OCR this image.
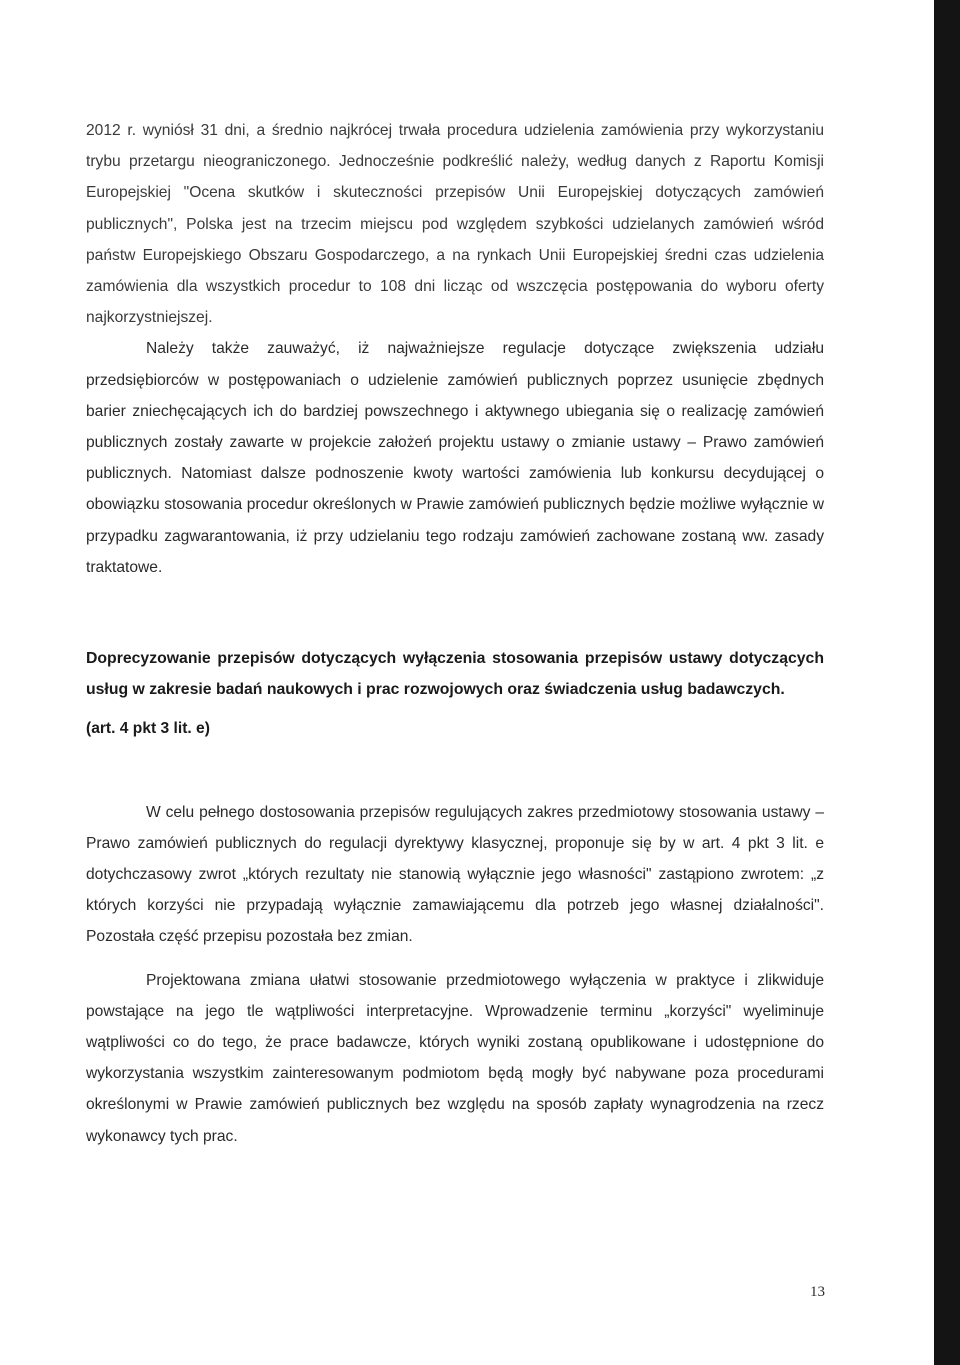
2012 r. wyniósł 31 dni, a średnio najkrócej trwała procedura udzielenia zamówienia przy wykorzystaniu trybu przetargu nieograniczonego. Jednocześnie podkreślić należy, według danych z Raportu Komisji Europejskiej "Ocena skutków i skuteczności przepisów Unii Europejskiej dotyczących zamówień publicznych", Polska jest na trzecim miejscu pod względem szybkości udzielanych zamówień wśród państw Europejskiego Obszaru Gospodarczego, a na rynkach Unii Europejskiej średni czas udzielenia zamówienia dla wszystkich procedur to 108 dni licząc od wszczęcia postępowania do wyboru oferty najkorzystniejszej.

Należy także zauważyć, iż najważniejsze regulacje dotyczące zwiększenia udziału przedsiębiorców w postępowaniach o udzielenie zamówień publicznych poprzez usunięcie zbędnych barier zniechęcających ich do bardziej powszechnego i aktywnego ubiegania się o realizację zamówień publicznych zostały zawarte w projekcie założeń projektu ustawy o zmianie ustawy – Prawo zamówień publicznych. Natomiast dalsze podnoszenie kwoty wartości zamówienia lub konkursu decydującej o obowiązku stosowania procedur określonych w Prawie zamówień publicznych będzie możliwe wyłącznie w przypadku zagwarantowania, iż przy udzielaniu tego rodzaju zamówień zachowane zostaną ww. zasady traktatowe.

Doprecyzowanie przepisów dotyczących wyłączenia stosowania przepisów ustawy dotyczących usług w zakresie badań naukowych i prac rozwojowych oraz świadczenia usług badawczych.

(art. 4 pkt 3 lit. e)

W celu pełnego dostosowania przepisów regulujących zakres przedmiotowy stosowania ustawy – Prawo zamówień publicznych do regulacji dyrektywy klasycznej, proponuje się by w art. 4 pkt 3 lit. e dotychczasowy zwrot „których rezultaty nie stanowią wyłącznie jego własności" zastąpiono zwrotem: „z których korzyści nie przypadają wyłącznie zamawiającemu dla potrzeb jego własnej działalności". Pozostała część przepisu pozostała bez zmian.

Projektowana zmiana ułatwi stosowanie przedmiotowego wyłączenia w praktyce i zlikwiduje powstające na jego tle wątpliwości interpretacyjne. Wprowadzenie terminu „korzyści" wyeliminuje wątpliwości co do tego, że prace badawcze, których wyniki zostaną opublikowane i udostępnione do wykorzystania wszystkim zainteresowanym podmiotom będą mogły być nabywane poza procedurami określonymi w Prawie zamówień publicznych bez względu na sposób zapłaty wynagrodzenia na rzecz wykonawcy tych prac.

13
